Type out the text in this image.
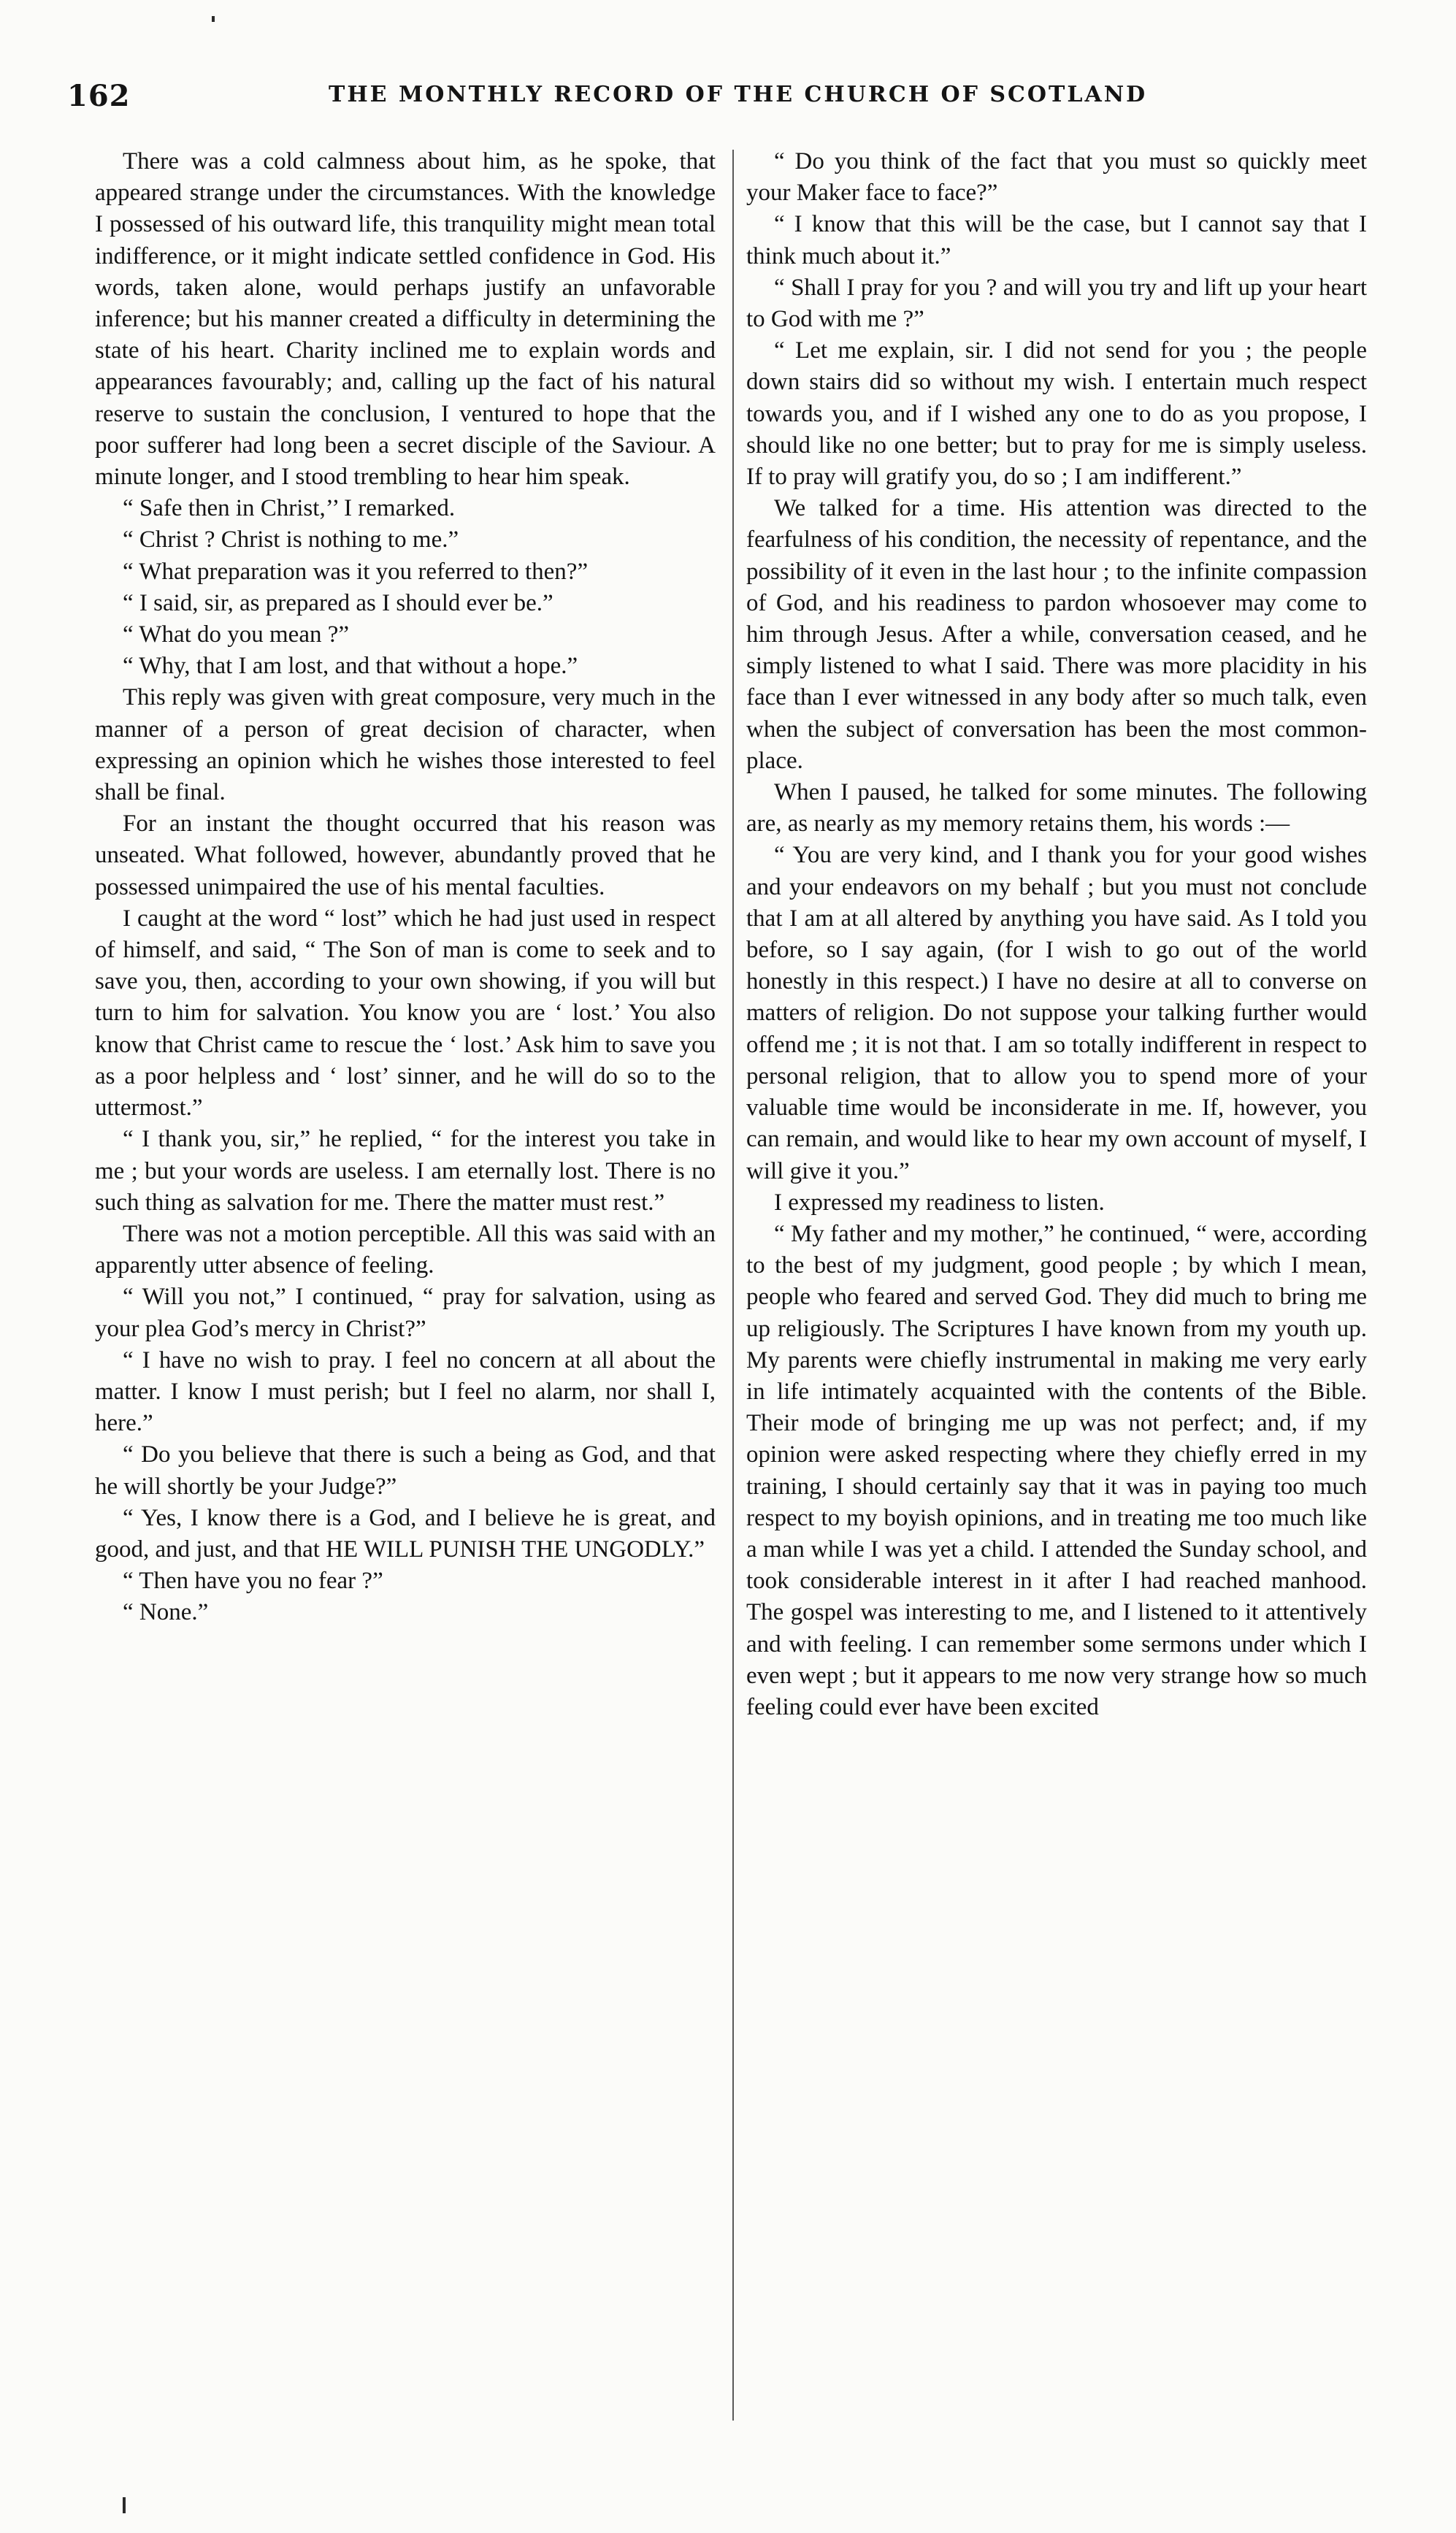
162	THE MONTHLY RECORD OF THE CHURCH OF SCOTLAND

There was a cold calmness about him, as he spoke, that appeared strange under the circumstances. With the knowledge I possessed of his outward life, this tranquility might mean total indifference, or it might indicate settled confidence in God. His words, taken alone, would perhaps justify an unfavorable inference; but his manner created a difficulty in determining the state of his heart. Charity inclined me to explain words and appearances favourably; and, calling up the fact of his natural reserve to sustain the conclusion, I ventured to hope that the poor sufferer had long been a secret disciple of the Saviour. A minute longer, and I stood trembling to hear him speak.

“ Safe then in Christ,’’ I remarked.

“ Christ ? Christ is nothing to me.”

“ What preparation was it you referred to then?”

“ I said, sir, as prepared as I should ever be.”

“ What do you mean ?”

“ Why, that I am lost, and that without a hope.”

This reply was given with great composure, very much in the manner of a person of great decision of character, when expressing an opinion which he wishes those interested to feel shall be final.

For an instant the thought occurred that his reason was unseated. What followed, however, abundantly proved that he possessed unimpaired the use of his mental faculties.

I caught at the word “ lost” which he had just used in respect of himself, and said, “ The Son of man is come to seek and to save you, then, according to your own showing, if you will but turn to him for salvation. You know you are ‘ lost.’ You also know that Christ came to rescue the ‘ lost.’ Ask him to save you as a poor helpless and ‘ lost’ sinner, and he will do so to the uttermost.”

“ I thank you, sir,” he replied, “ for the interest you take in me ; but your words are useless. I am eternally lost. There is no such thing as salvation for me. There the matter must rest.”

There was not a motion perceptible. All this was said with an apparently utter absence of feeling.

“ Will you not,” I continued, “ pray for salvation, using as your plea God’s mercy in Christ?”

“ I have no wish to pray. I feel no concern at all about the matter. I know I must perish; but I feel no alarm, nor shall I, here.”

“ Do you believe that there is such a being as God, and that he will shortly be your Judge?”

“ Yes, I know there is a God, and I believe he is great, and good, and just, and that HE WILL PUNISH THE UNGODLY.”

“ Then have you no fear ?”

“ None.”

“ Do you think of the fact that you must so quickly meet your Maker face to face?”

“ I know that this will be the case, but I cannot say that I think much about it.”

“ Shall I pray for you ? and will you try and lift up your heart to God with me ?”

“ Let me explain, sir. I did not send for you ; the people down stairs did so without my wish. I entertain much respect towards you, and if I wished any one to do as you propose, I should like no one better; but to pray for me is simply useless. If to pray will gratify you, do so ; I am indifferent.”

We talked for a time. His attention was directed to the fearfulness of his condition, the necessity of repentance, and the possibility of it even in the last hour ; to the infinite compassion of God, and his readiness to pardon whosoever may come to him through Jesus. After a while, conversation ceased, and he simply listened to what I said. There was more placidity in his face than I ever witnessed in any body after so much talk, even when the subject of conversation has been the most common-place.

When I paused, he talked for some minutes. The following are, as nearly as my memory retains them, his words :—

“ You are very kind, and I thank you for your good wishes and your endeavors on my behalf ; but you must not conclude that I am at all altered by anything you have said. As I told you before, so I say again, (for I wish to go out of the world honestly in this respect.) I have no desire at all to converse on matters of religion. Do not suppose your talking further would offend me ; it is not that. I am so totally indifferent in respect to personal religion, that to allow you to spend more of your valuable time would be inconsiderate in me. If, however, you can remain, and would like to hear my own account of myself, I will give it you.”

I expressed my readiness to listen.

“ My father and my mother,” he continued, “ were, according to the best of my judgment, good people ; by which I mean, people who feared and served God. They did much to bring me up religiously. The Scriptures I have known from my youth up. My parents were chiefly instrumental in making me very early in life intimately acquainted with the contents of the Bible. Their mode of bringing me up was not perfect; and, if my opinion were asked respecting where they chiefly erred in my training, I should certainly say that it was in paying too much respect to my boyish opinions, and in treating me too much like a man while I was yet a child. I attended the Sunday school, and took considerable interest in it after I had reached manhood. The gospel was interesting to me, and I listened to it attentively and with feeling. I can remember some sermons under which I even wept ; but it appears to me now very strange how so much feeling could ever have been excited
